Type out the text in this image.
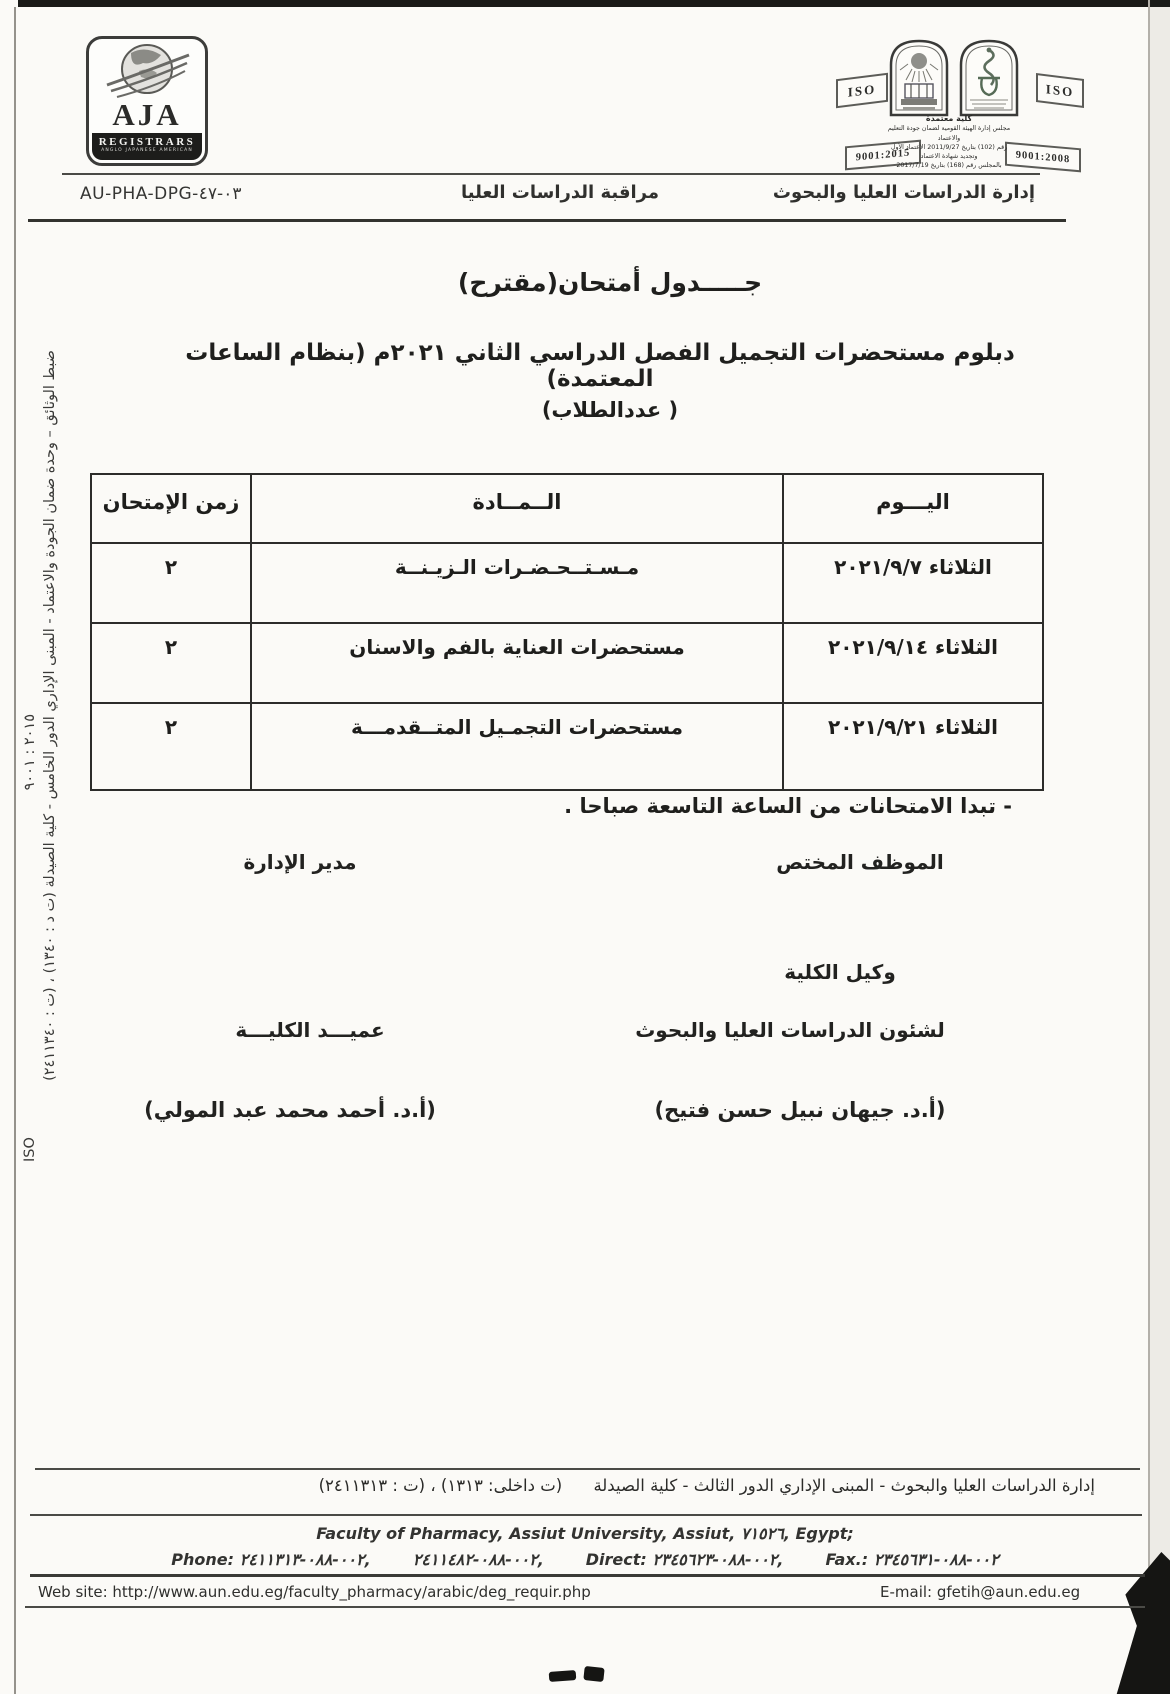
AJA
REGISTRARS
ANGLO JAPANESE AMERICAN
AU-PHA-DPG-٠٣-٤٧
ISO
9001:2015
ISO
9001:2008
كلية معتمدة
مجلس إدارة الهيئة القومية لضمان جودة التعليم والاعتماد
رقم (102) بتاريخ 2011/9/27 الاعتماد الأول
وتجديد شهادة الاعتماد
بالمجلس رقم (168) بتاريخ 2017/7/19
إدارة الدراسات العليا والبحوث
مراقبة الدراسات العليا
جـــــدول أمتحان(مقترح)
دبلوم مستحضرات التجميل الفصل الدراسي الثاني ٢٠٢١م (بنظام الساعات المعتمدة)
( عددالطلاب)
زمن الإمتحان	الــمــادة	اليـــوم
٢	مـسـتــحـضـرات الـزيـنــة	الثلاثاء ٢٠٢١/٩/٧
٢	مستحضرات العناية بالفم والاسنان	الثلاثاء ٢٠٢١/٩/١٤
٢	مستحضرات التجمـيل المتــقدمـــة	الثلاثاء ٢٠٢١/٩/٢١
- تبدا الامتحانات من الساعة التاسعة صباحا .
الموظف المختص
مدير الإدارة
وكيل الكلية
لشئون الدراسات العليا والبحوث
عميـــد الكليـــة
(أ.د. جيهان نبيل حسن فتيح)
(أ.د. أحمد محمد عبد المولي)
ضبط الوثائق – وحدة ضمان الجودة والاعتماد - المبنى الإداري الدور الخامس - كلية الصيدلة (ت د : ١٣٤٠) ، (ت : ٢٤١١٣٤٠)
٢٠١٥ : ٩٠٠١
ISO
إدارة الدراسات العليا والبحوث - المبنى الإداري الدور الثالث - كلية الصيدلة (ت داخلى: ١٣١٣) ، (ت : ٢٤١١٣١٣)
Faculty of Pharmacy, Assiut University, Assiut, ٧١٥٢٦, Egypt;
Phone: ٠٠٢-٠٨٨-٢٤١١٣١٣,	٠٠٢-٠٨٨-٢٤١١٤٨٢,	Direct: ٠٠٢-٠٨٨-٢٣٤٥٦٢٣,	Fax.: ٠٠٢-٠٨٨-٢٣٤٥٦٣١
Web site: http://www.aun.edu.eg/faculty_pharmacy/arabic/deg_requir.php	E-mail: gfetih@aun.edu.eg
